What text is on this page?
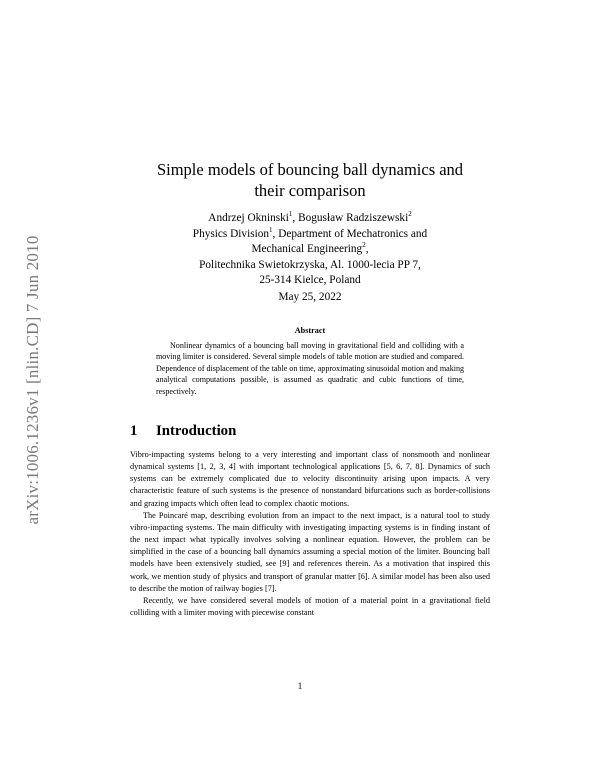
arXiv:1006.1236v1 [nlin.CD] 7 Jun 2010
Simple models of bouncing ball dynamics and
their comparison
Andrzej Okninski$^1$, Bogusław Radziszewski$^2$
Physics Division$^1$, Department of Mechatronics and
Mechanical Engineering$^2$,
Politechnika Swietokrzyska, Al. 1000-lecia PP 7,
25-314 Kielce, Poland
May 25, 2022
Abstract

Nonlinear dynamics of a bouncing ball moving in gravitational field and colliding with a moving limiter is considered. Several simple models of table motion are studied and compared. Dependence of displacement of the table on time, approximating sinusoidal motion and making analytical computations possible, is assumed as quadratic and cubic functions of time, respectively.

1 Introduction

Vibro-impacting systems belong to a very interesting and important class of nonsmooth and nonlinear dynamical systems [1, 2, 3, 4] with important technological applications [5, 6, 7, 8]. Dynamics of such systems can be extremely complicated due to velocity discontinuity arising upon impacts. A very characteristic feature of such systems is the presence of nonstandard bifurcations such as border-collisions and grazing impacts which often lead to complex chaotic motions.

The Poincaré map, describing evolution from an impact to the next impact, is a natural tool to study vibro-impacting systems. The main difficulty with investigating impacting systems is in finding instant of the next impact what typically involves solving a nonlinear equation. However, the problem can be simplified in the case of a bouncing ball dynamics assuming a special motion of the limiter. Bouncing ball models have been extensively studied, see [9] and references therein. As a motivation that inspired this work, we mention study of physics and transport of granular matter [6]. A similar model has been also used to describe the motion of railway bogies [7].

Recently, we have considered several models of motion of a material point in a gravitational field colliding with a limiter moving with piecewise constant

1
